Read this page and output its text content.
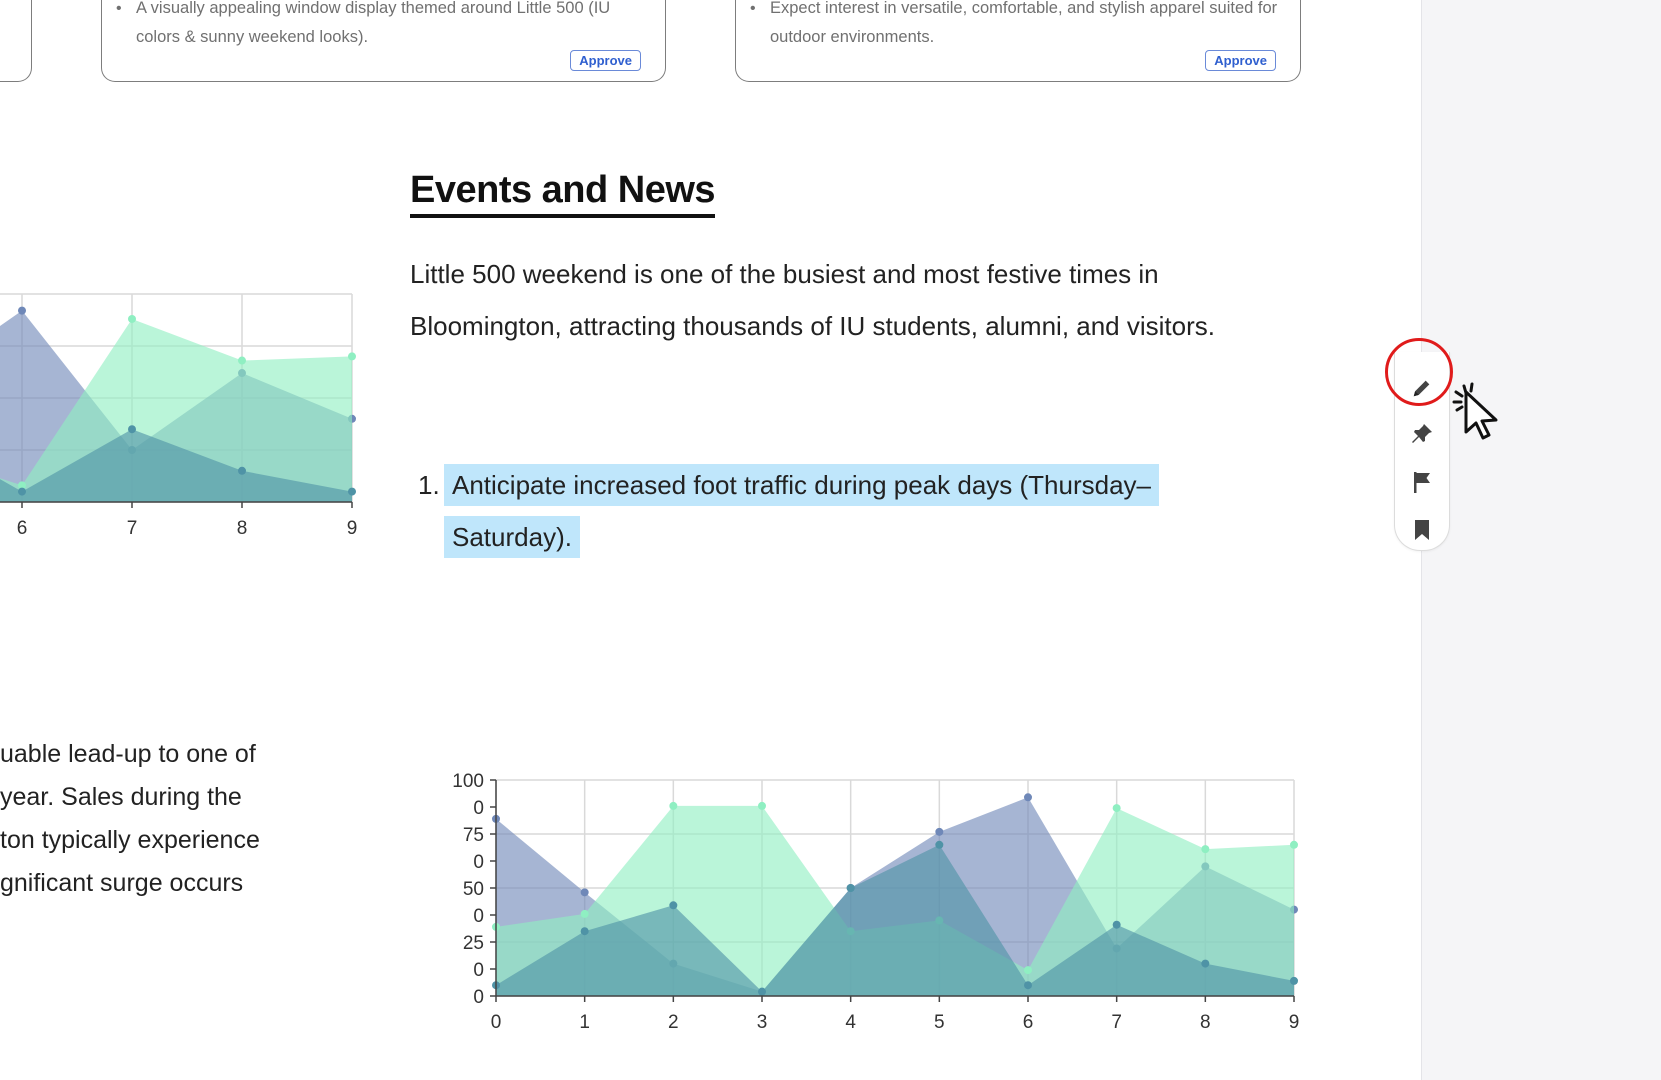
• A visually appealing window display themed around Little 500 (IU colors & sunny weekend looks).
Approve
• Expect interest in versatile, comfortable, and stylish apparel suited for outdoor environments.
Approve
Events and News
Little 500 weekend is one of the busiest and most festive times in Bloomington, attracting thousands of IU students, alumni, and visitors.
1. Anticipate increased foot traffic during peak days (Thursday–Saturday).
uable lead-up to one of
year. Sales during the
ton typically experience
gnificant surge occurs
6	7	8	9
0	1	2	3	4	5	6	7	8	9
100
0
75
0
50
0
25
0
0
